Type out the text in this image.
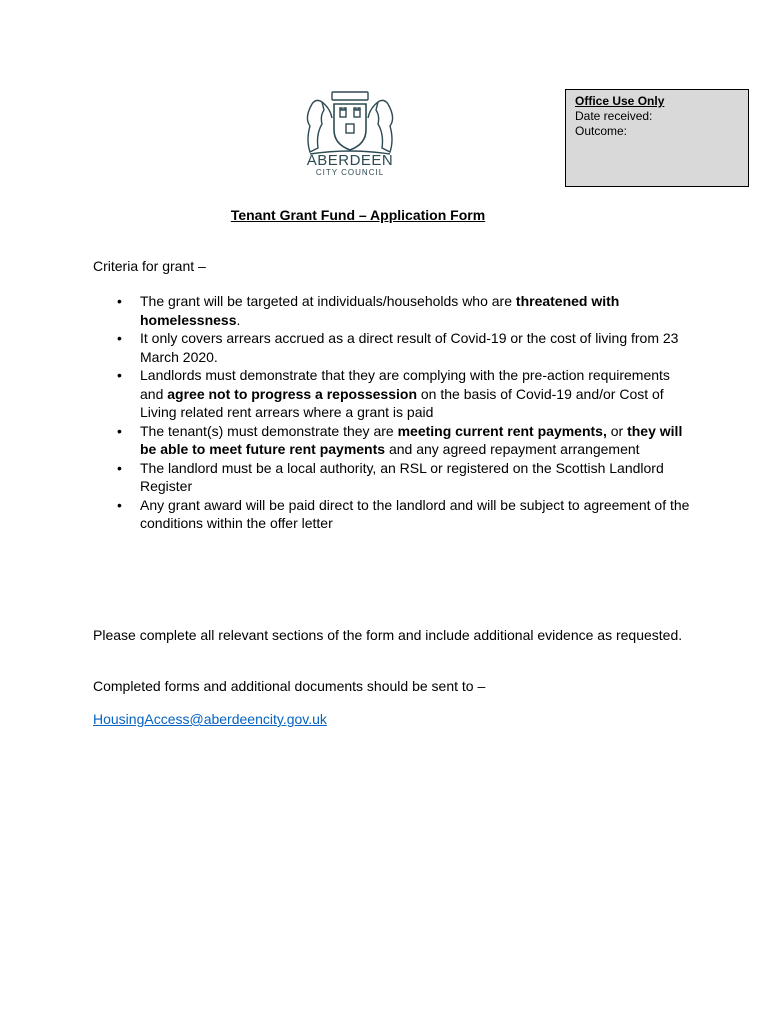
ABERDEEN
CITY COUNCIL
Office Use Only
Date received:
Outcome:
Tenant Grant Fund – Application Form
Criteria for grant –
• The grant will be targeted at individuals/households who are threatened with homelessness.
• It only covers arrears accrued as a direct result of Covid-19 or the cost of living from 23 March 2020.
• Landlords must demonstrate that they are complying with the pre-action requirements and agree not to progress a repossession on the basis of Covid-19 and/or Cost of Living related rent arrears where a grant is paid
• The tenant(s) must demonstrate they are meeting current rent payments, or they will be able to meet future rent payments and any agreed repayment arrangement
• The landlord must be a local authority, an RSL or registered on the Scottish Landlord Register
• Any grant award will be paid direct to the landlord and will be subject to agreement of the conditions within the offer letter
Please complete all relevant sections of the form and include additional evidence as requested.
Completed forms and additional documents should be sent to –
HousingAccess@aberdeencity.gov.uk
